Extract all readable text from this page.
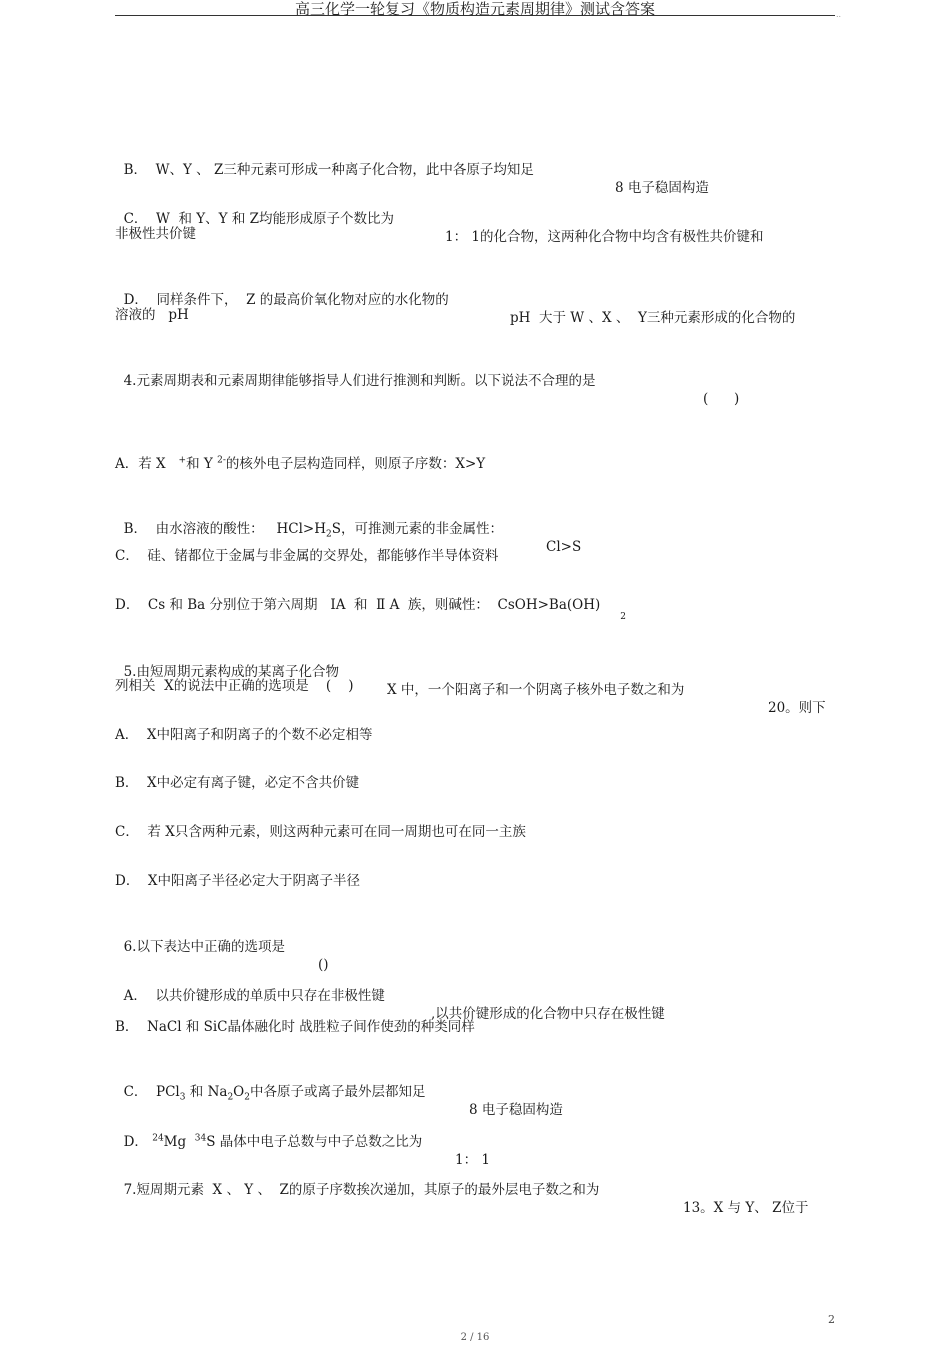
高三化学一轮复习《物质构造元素周期律》测试含答案	..

B．  W、Y 、 Z三种元素可形成一种离子化合物，此中各原子均知足

8 电子稳固构造

C．  W  和 Y、Y 和 Z均能形成原子个数比为

1： 1的化合物，这两种化合物中均含有极性共价键和

非极性共价键

D．  同样条件下，  Z 的最高价氧化物对应的水化物的

pH  大于 W 、X 、  Y三种元素形成的化合物的

溶液的   pH

4.元素周期表和元素周期律能够指导人们进行推测和判断。以下说法不合理的是

(      )

A．若 X +和 Y $^{2-}$的核外电子层构造同样，则原子序数：X>Y

B．  由水溶液的酸性：   $HCl>H_2S$，可推测元素的非金属性：

Cl>S

C．  硅、锗都位于金属与非金属的交界处，都能够作半导体资料
D．  Cs 和 Ba 分别位于第六周期   ⅠA  和  Ⅱ A  族，则碱性：  $CsOH>Ba(OH)_2$

5.由短周期元素构成的某离子化合物

X 中，一个阳离子和一个阴离子核外电子数之和为

20。则下

列相关  X的说法中正确的选项是    (    )
A．  X中阳离子和阴离子的个数不必定相等
B．  X中必定有离子键，必定不含共价键
C．  若 X只含两种元素，则这两种元素可在同一周期也可在同一主族
D．  X中阳离子半径必定大于阴离子半径

6.以下表达中正确的选项是

()

A．  以共价键形成的单质中只存在非极性键

,以共价键形成的化合物中只存在极性键

B．  NaCl 和 SiC晶体融化时 战胜粒子间作使劲的种类同样

C．  PCl$_3$ 和 $Na_2O_2$中各原子或离子最外层都知足

8 电子稳固构造

D． $^{24}$Mg  $^{34}$S 晶体中电子总数与中子总数之比为

1： 1

7.短周期元素  X 、 Y 、  Z的原子序数挨次递加，其原子的最外层电子数之和为

13。X 与 Y、 Z位于

2
2 / 16
